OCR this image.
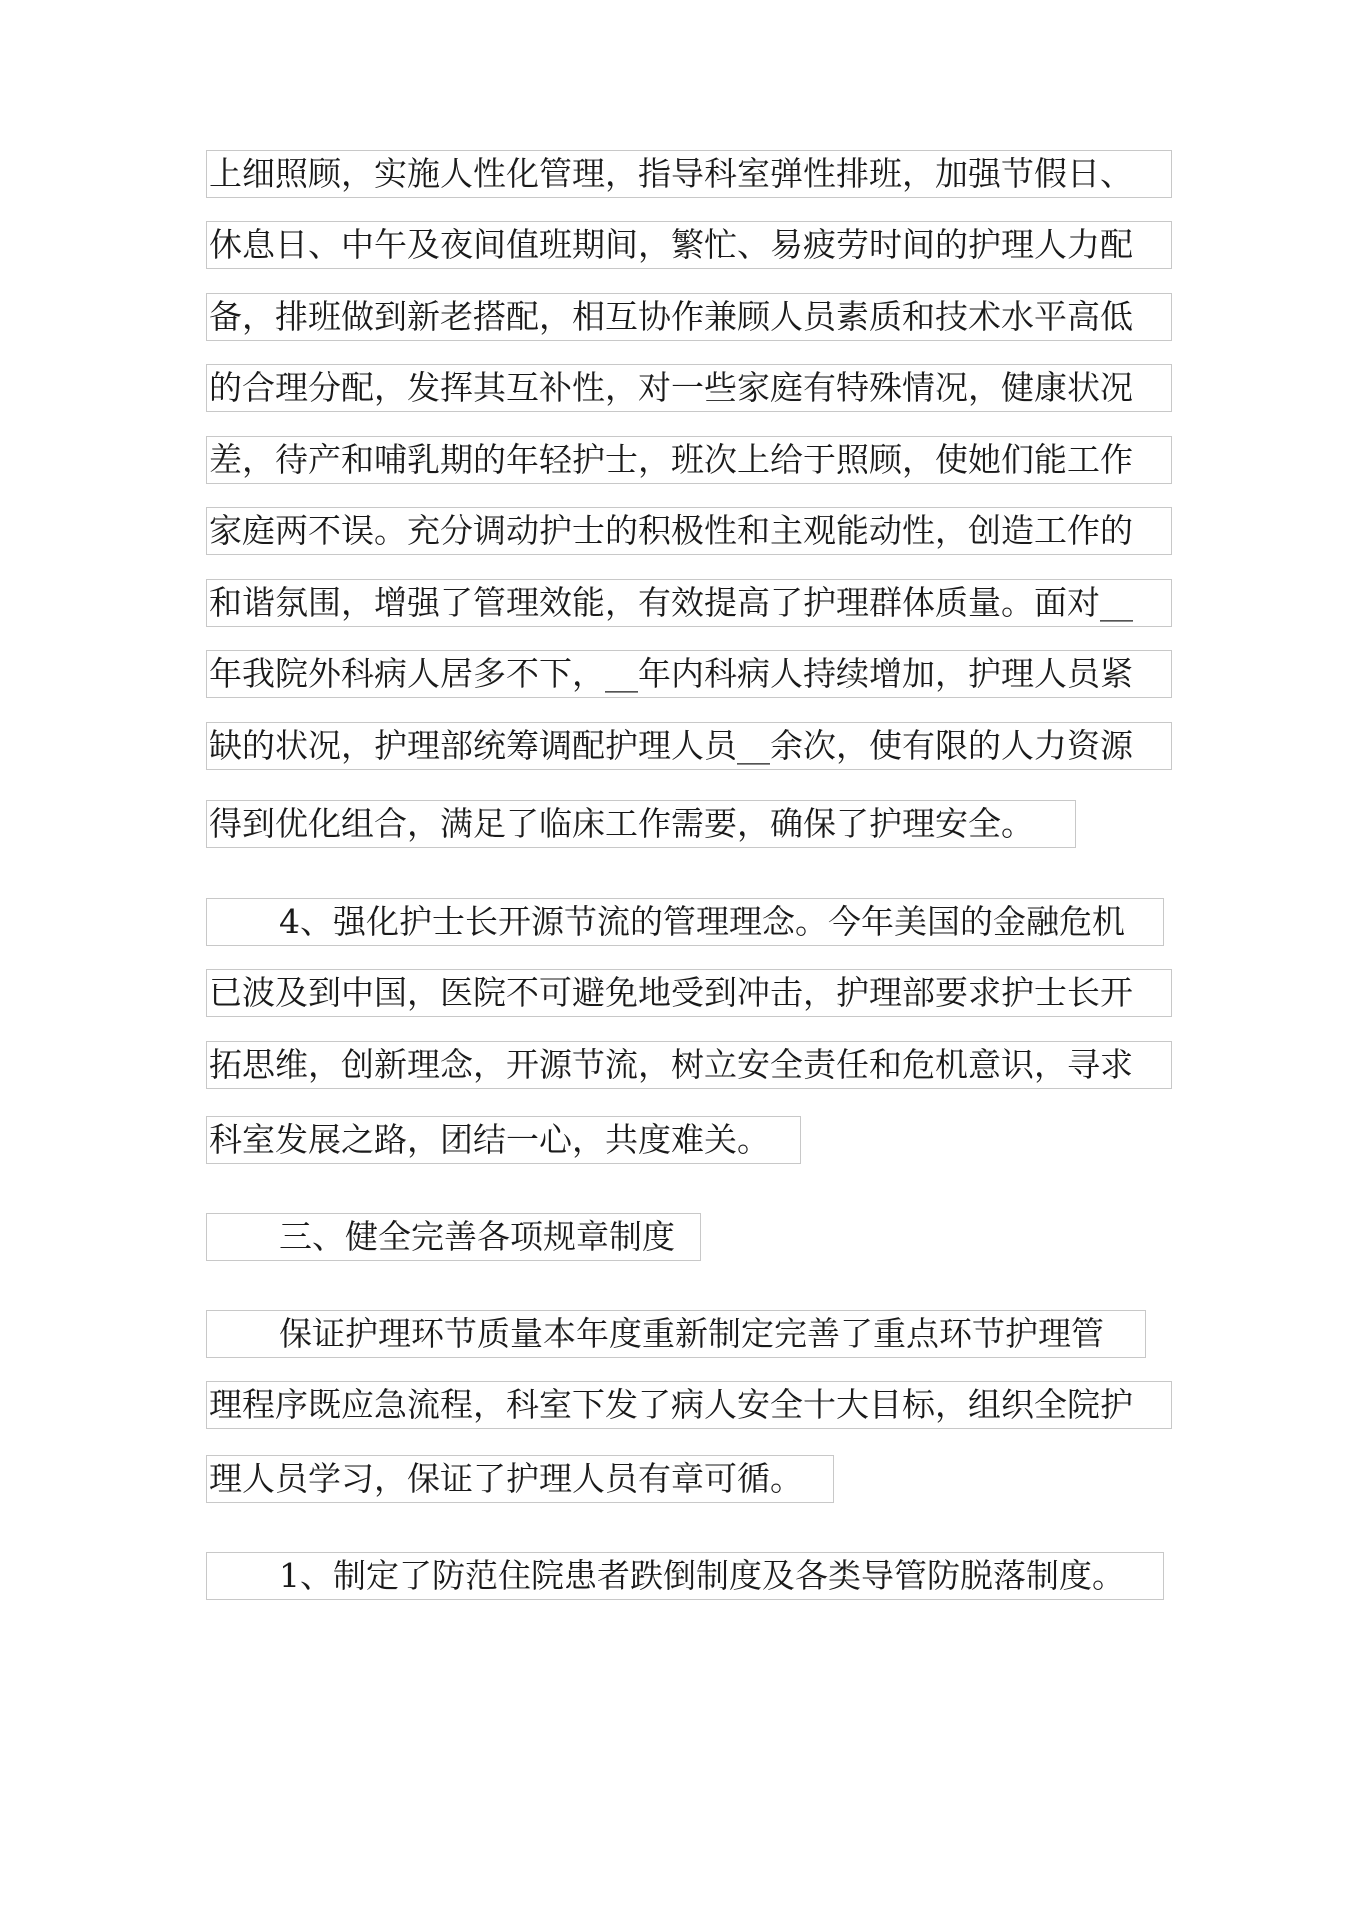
上细照顾，实施人性化管理，指导科室弹性排班，加强节假日、
休息日、中午及夜间值班期间，繁忙、易疲劳时间的护理人力配
备，排班做到新老搭配，相互协作兼顾人员素质和技术水平高低
的合理分配，发挥其互补性，对一些家庭有特殊情况，健康状况
差，待产和哺乳期的年轻护士，班次上给于照顾，使她们能工作
家庭两不误。充分调动护士的积极性和主观能动性，创造工作的
和谐氛围，增强了管理效能，有效提高了护理群体质量。面对__
年我院外科病人居多不下，__年内科病人持续增加，护理人员紧
缺的状况，护理部统筹调配护理人员__余次，使有限的人力资源
得到优化组合，满足了临床工作需要，确保了护理安全。
4、强化护士长开源节流的管理理念。今年美国的金融危机
已波及到中国，医院不可避免地受到冲击，护理部要求护士长开
拓思维，创新理念，开源节流，树立安全责任和危机意识，寻求
科室发展之路，团结一心，共度难关。
三、健全完善各项规章制度
保证护理环节质量本年度重新制定完善了重点环节护理管
理程序既应急流程，科室下发了病人安全十大目标，组织全院护
理人员学习，保证了护理人员有章可循。
1、制定了防范住院患者跌倒制度及各类导管防脱落制度。
